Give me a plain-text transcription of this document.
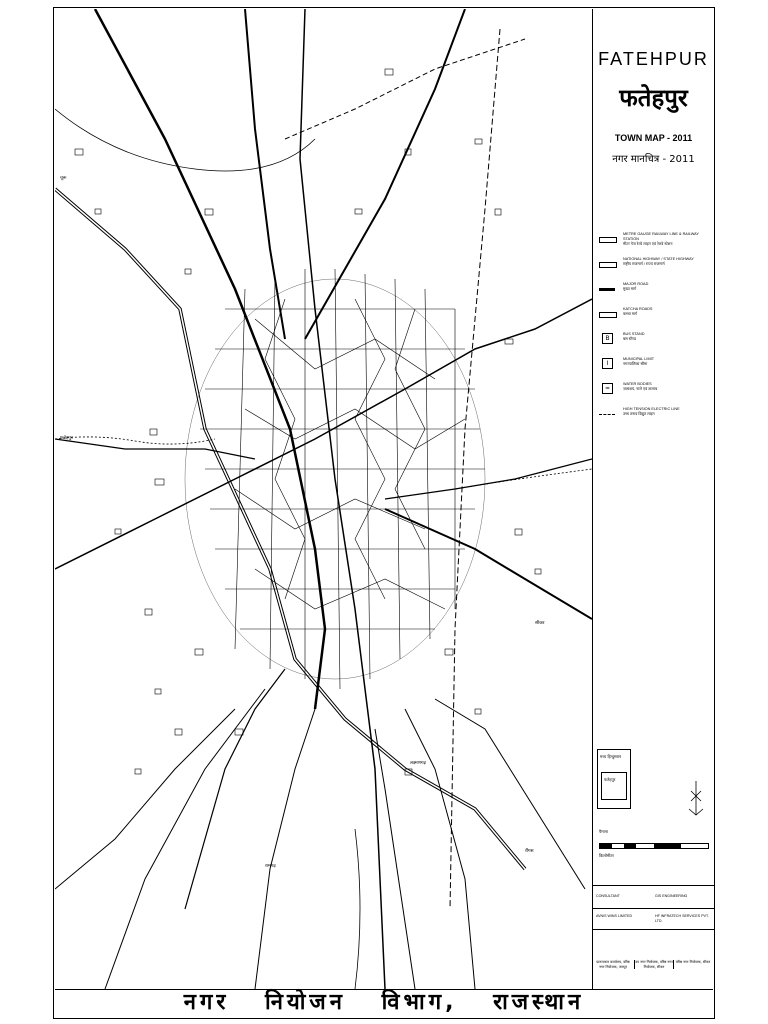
चूरू
सीकर
लक्ष्मणगढ़
रींगस
रामगढ़
फतेहपुर
FATEHPUR
फतेहपुर
TOWN MAP - 2011
नगर मानचित्र - 2011
METRE GAUGE RAILWAY LINE & RAILWAY STATION
मीटर गेज रेल्वे लाइन एवं रेलवे स्टेशन
NATIONAL HIGHWAY / STATE HIGHWAY
राष्ट्रीय राजमार्ग / राज्य राजमार्ग
MAJOR ROAD
मुख्य मार्ग
KATCHA ROADS
कच्चा मार्ग
B
BUS STAND
बस स्टैण्ड
I
MUNICIPAL LIMIT
नगरपालिका सीमा
≈
WATER BODIES
जलाशय, नाले एवं तालाब
HIGH TENSION ELECTRIC LINE
उच्च तनाव विद्युत लाइन
मध्य हिन्दुस्तान
फतेहपुर
पैमाना
किलोमीटर
CONSULTANT	GIS ENGINEERING
AVNIS WINS LIMITED	HF INFRATECH SERVICES PVT. LTD.
प्रारूपकार कार्यालय, वरिष्ठ नगर नियोजक, जयपुर
उप नगर नियोजक, वरिष्ठ नगर नियोजक, सीकर
वरिष्ठ नगर नियोजक, सीकर
नगर नियोजन विभाग, राजस्थान
